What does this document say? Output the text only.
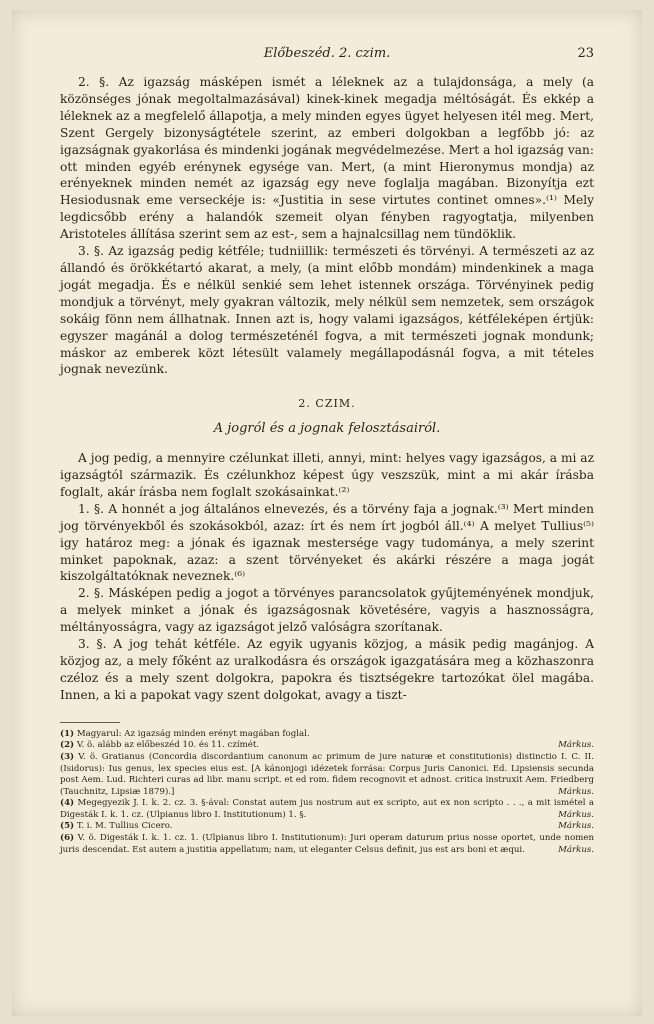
Előbeszéd. 2. czim.	23

2. §. Az igazság másképen ismét a léleknek az a tulajdonsága, a mely (a közönséges jónak megoltalmazásával) kinek-kinek megadja méltóságát. És ekkép a léleknek az a megfelelő állapotja, a mely minden egyes ügyet helyesen itél meg. Mert, Szent Gergely bizonyságtétele szerint, az emberi dolgokban a legfőbb jó: az igazságnak gyakorlása és mindenki jogának megvédelmezése. Mert a hol igazság van: ott minden egyéb erénynek egysége van. Mert, (a mint Hieronymus mondja) az erényeknek minden nemét az igazság egy neve foglalja magában. Bizonyítja ezt Hesiodusnak eme verseckéje is: «Justitia in sese virtutes continet omnes».⁽¹⁾ Mely legdicsőbb erény a halandók szemeit olyan fényben ragyogtatja, milyenben Aristoteles állítása szerint sem az est-, sem a hajnalcsillag nem tündöklik.

3. §. Az igazság pedig kétféle; tudniillik: természeti és törvényi. A természeti az az állandó és örökkétartó akarat, a mely, (a mint előbb mondám) mindenkinek a maga jogát megadja. És e nélkül senkié sem lehet istennek országa. Törvényinek pedig mondjuk a törvényt, mely gyakran változik, mely nélkül sem nemzetek, sem országok sokáig fönn nem állhatnak. Innen azt is, hogy valami igazságos, kétféleképen értjük: egyszer magánál a dolog természeténél fogva, a mit természeti jognak mondunk; máskor az emberek közt létesült valamely megállapodásnál fogva, a mit tételes jognak nevezünk.

2. CZIM.
A jogról és a jognak felosztásairól.

A jog pedig, a mennyire czélunkat illeti, annyi, mint: helyes vagy igazságos, a mi az igazságtól származik. És czélunkhoz képest úgy veszszük, mint a mi akár írásba foglalt, akár írásba nem foglalt szokásainkat.⁽²⁾

1. §. A honnét a jog általános elnevezés, és a törvény faja a jognak.⁽³⁾ Mert minden jog törvényekből és szokásokból, azaz: írt és nem írt jogból áll.⁽⁴⁾ A melyet Tullius⁽⁵⁾ igy határoz meg: a jónak és igaznak mestersége vagy tudománya, a mely szerint minket papoknak, azaz: a szent törvényeket és akárki részére a maga jogát kiszolgáltatóknak neveznek.⁽⁶⁾

2. §. Másképen pedig a jogot a törvényes parancsolatok gyűjteményének mondjuk, a melyek minket a jónak és igazságosnak követésére, vagyis a hasznosságra, méltányosságra, vagy az igazságot jelző valóságra szorítanak.

3. §. A jog tehát kétféle. Az egyik ugyanis közjog, a másik pedig magánjog. A közjog az, a mely főként az uralkodásra és országok igazgatására meg a közhaszonra czéloz és a mely szent dolgokra, papokra és tisztségekre tartozókat ölel magába. Innen, a ki a papokat vagy szent dolgokat, avagy a tiszt-

(1) Magyarul: Az igazság minden erényt magában foglal.

(2) V. ö. alább az előbeszéd 10. és 11. czímét.	Márkus.

(3) V. ö. Gratianus (Concordia discordantium canonum ac primum de jure naturæ et constitutionis) distinctio I. C. II. (Isidorus): Ius genus, lex species eius est. [A kánonjogi idézetek forrása: Corpus Juris Canonici. Ed. Lipsiensis secunda post Aem. Lud. Richteri curas ad libr. manu script. et ed rom. fidem recognovit et adnost. critica instruxit Aem. Friedberg (Tauchnitz, Lipsiæ 1879).]	Márkus.

(4) Megegyezik J. I. k. 2. cz. 3. §-ával: Constat autem jus nostrum aut ex scripto, aut ex non scripto . . ., a mit ismétel a Digesták I. k. 1. cz. (Ulpianus libro I. Institutionum) 1. §.	Márkus.

(5) T. i. M. Tullius Cicero.	Márkus.

(6) V. ö. Digesták I. k. 1. cz. 1. (Ulpianus libro I. Institutionum): Juri operam daturum prius nosse oportet, unde nomen juris descendat. Est autem a justitia appellatum; nam, ut eleganter Celsus definit, jus est ars boni et æqui.	Márkus.
